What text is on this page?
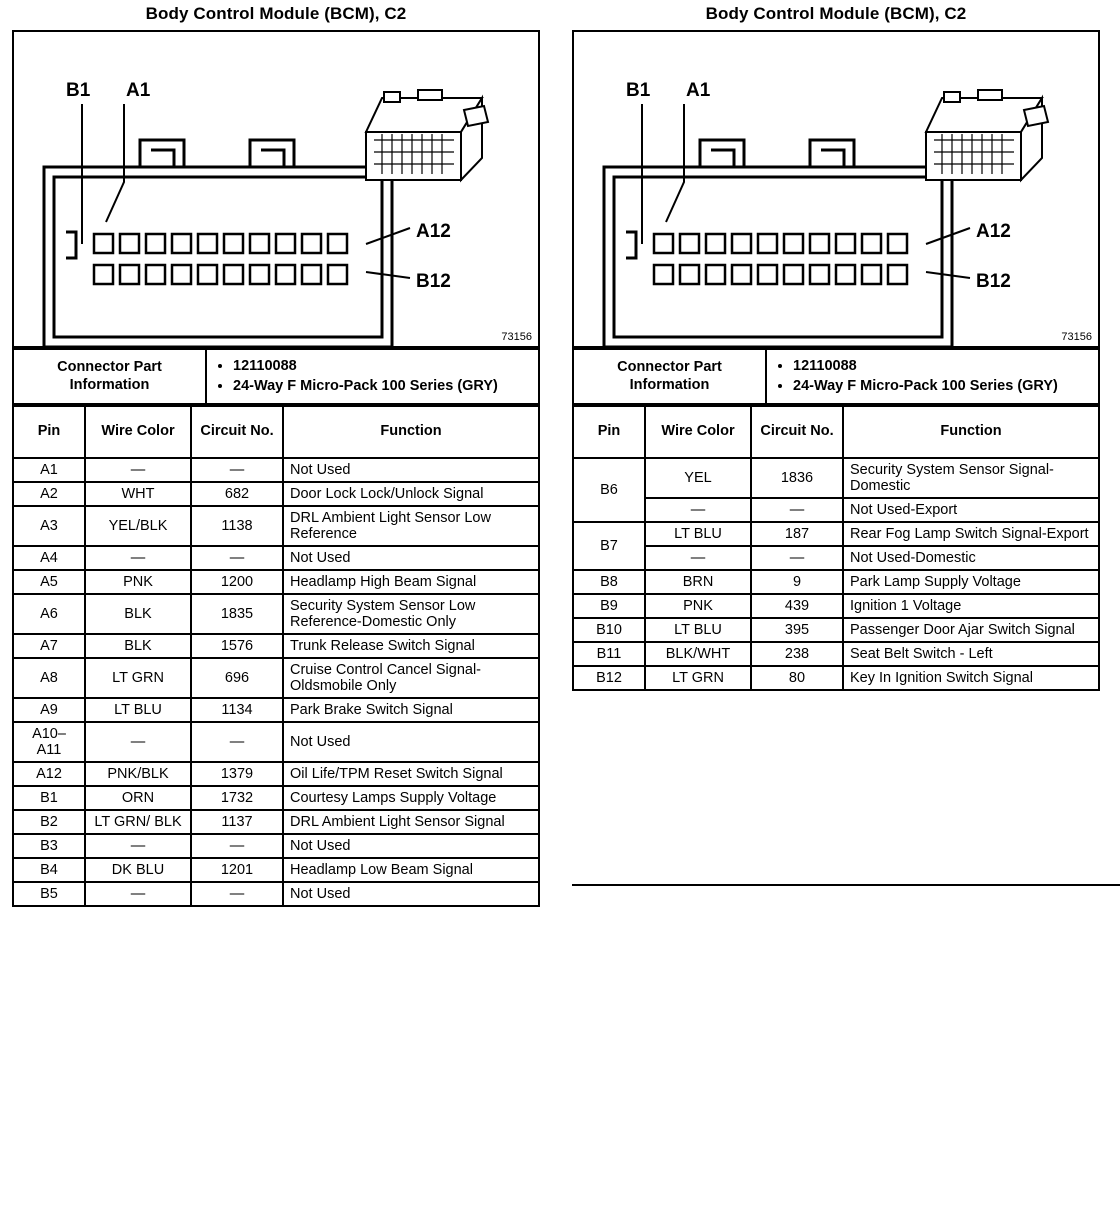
Body Control Module (BCM), C2
B1 A1
A12
B12
73156
Connector Part Information	
• 12110088
• 24-Way F Micro-Pack 100 Series (GRY)
Pin	Wire Color	Circuit No.	Function
A1	—	—	Not Used
A2	WHT	682	Door Lock Lock/Unlock Signal
A3	YEL/BLK	1138	DRL Ambient Light Sensor Low Reference
A4	—	—	Not Used
A5	PNK	1200	Headlamp High Beam Signal
A6	BLK	1835	Security System Sensor Low Reference-Domestic Only
A7	BLK	1576	Trunk Release Switch Signal
A8	LT GRN	696	Cruise Control Cancel Signal-Oldsmobile Only
A9	LT BLU	1134	Park Brake Switch Signal
A10–A11	—	—	Not Used
A12	PNK/BLK	1379	Oil Life/TPM Reset Switch Signal
B1	ORN	1732	Courtesy Lamps Supply Voltage
B2	LT GRN/ BLK	1137	DRL Ambient Light Sensor Signal
B3	—	—	Not Used
B4	DK BLU	1201	Headlamp Low Beam Signal
B5	—	—	Not Used
Body Control Module (BCM), C2
B1 A1
A12
B12
73156
Connector Part Information	
• 12110088
• 24-Way F Micro-Pack 100 Series (GRY)
Pin	Wire Color	Circuit No.	Function
B6	YEL	1836	Security System Sensor Signal-Domestic
	—	—	Not Used-Export
B7	LT BLU	187	Rear Fog Lamp Switch Signal-Export
	—	—	Not Used-Domestic
B8	BRN	9	Park Lamp Supply Voltage
B9	PNK	439	Ignition 1 Voltage
B10	LT BLU	395	Passenger Door Ajar Switch Signal
B11	BLK/WHT	238	Seat Belt Switch - Left
B12	LT GRN	80	Key In Ignition Switch Signal
